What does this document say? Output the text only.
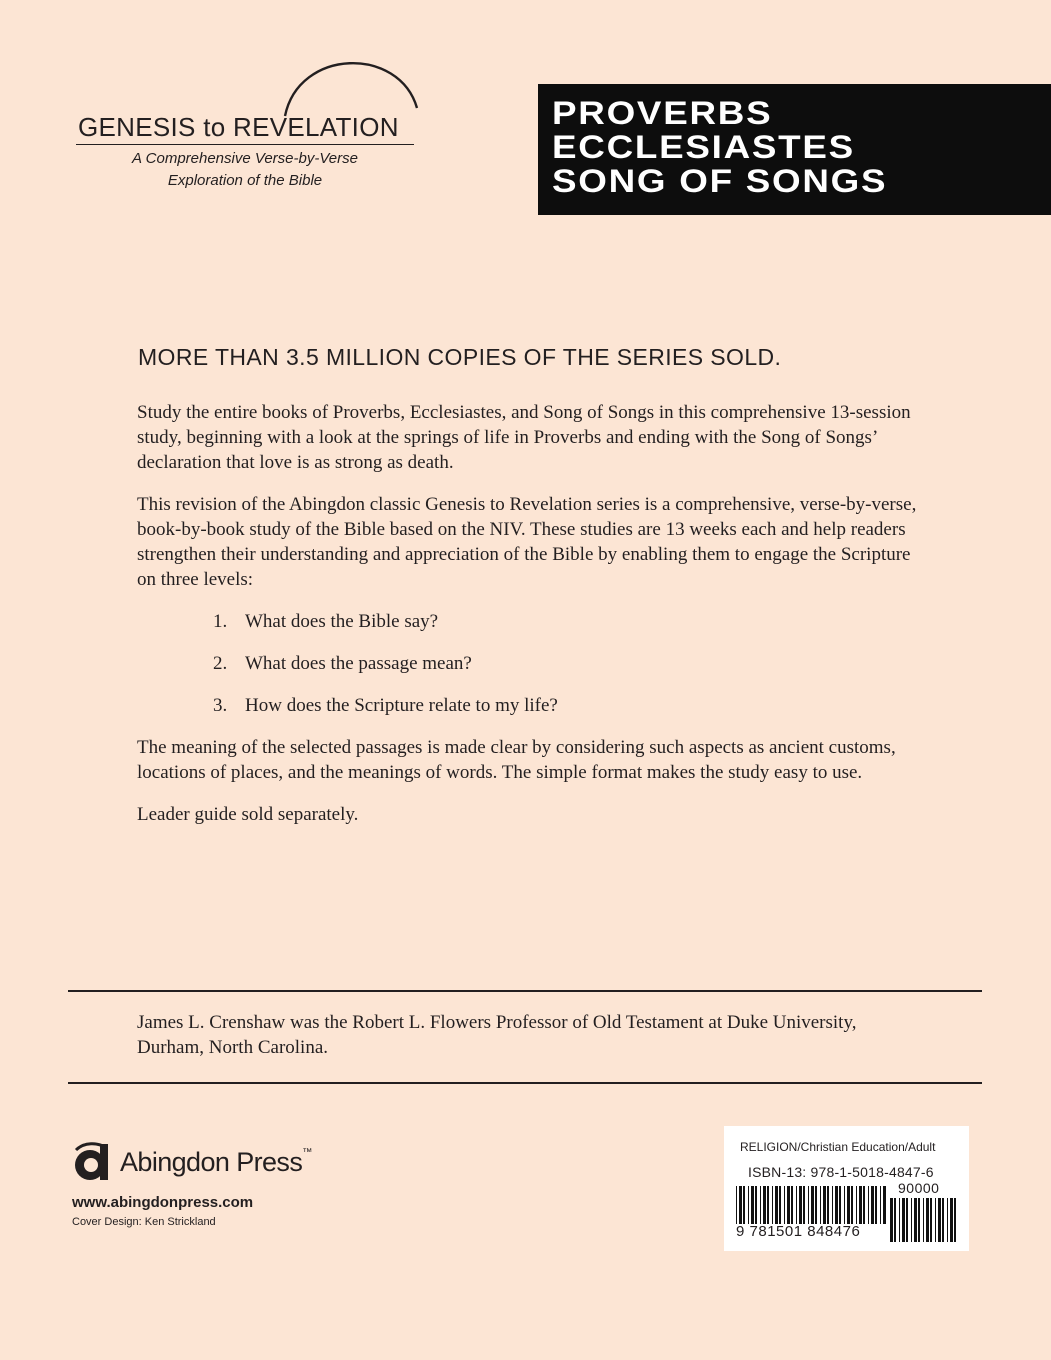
GENESIS to REVELATION
A Comprehensive Verse-by-Verse
Exploration of the Bible
PROVERBS
ECCLESIASTES
SONG OF SONGS
MORE THAN 3.5 MILLION COPIES OF THE SERIES SOLD.

Study the entire books of Proverbs, Ecclesiastes, and Song of Songs in this comprehensive 13-session study, beginning with a look at the springs of life in Proverbs and ending with the Song of Songs’ declaration that love is as strong as death.

This revision of the Abingdon classic Genesis to Revelation series is a comprehensive, verse-by-verse, book-by-book study of the Bible based on the NIV. These studies are 13 weeks each and help readers strengthen their understanding and appreciation of the Bible by enabling them to engage the Scripture on three levels:

1. What does the Bible say?
2. What does the passage mean?
3. How does the Scripture relate to my life?

The meaning of the selected passages is made clear by considering such aspects as ancient customs, locations of places, and the meanings of words. The simple format makes the study easy to use.

Leader guide sold separately.

James L. Crenshaw was the Robert L. Flowers Professor of Old Testament at Duke University, Durham, North Carolina.
Abingdon Press™
www.abingdonpress.com
Cover Design: Ken Strickland
RELIGION/Christian Education/Adult
ISBN-13: 978-1-5018-4847-6
9 781501 848476
90000
